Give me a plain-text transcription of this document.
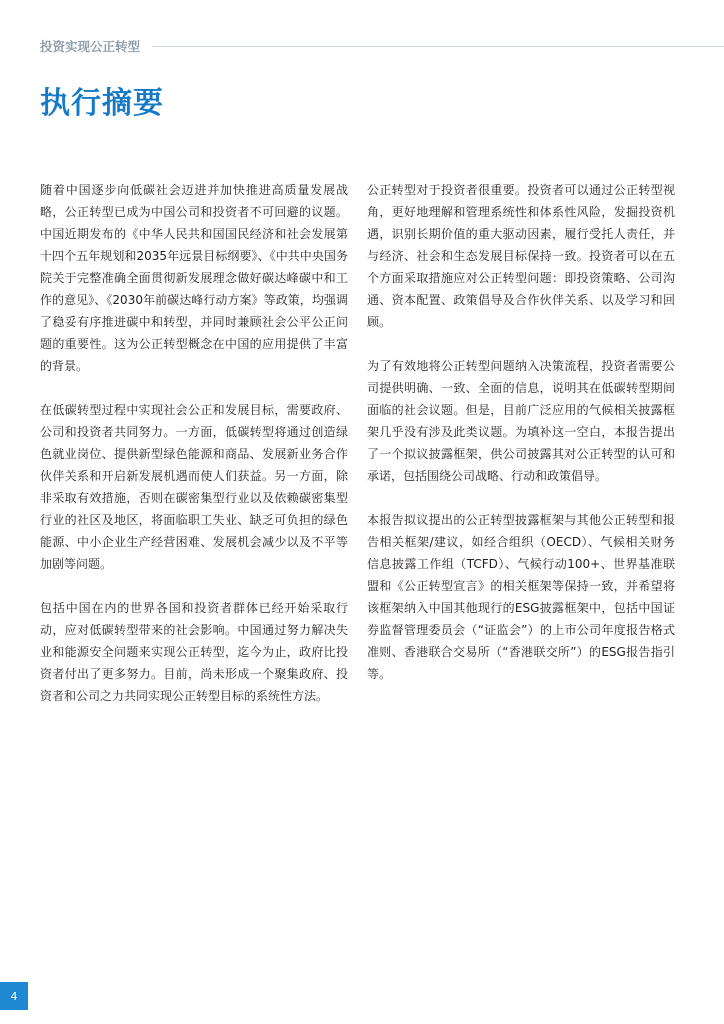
投资实现公正转型
执行摘要

随着中国逐步向低碳社会迈进并加快推进高质量发展战略，公正转型已成为中国公司和投资者不可回避的议题。中国近期发布的《中华人民共和国国民经济和社会发展第十四个五年规划和2035年远景目标纲要》、《中共中央国务院关于完整准确全面贯彻新发展理念做好碳达峰碳中和工作的意见》、《2030年前碳达峰行动方案》等政策，均强调了稳妥有序推进碳中和转型，并同时兼顾社会公平公正问题的重要性。这为公正转型概念在中国的应用提供了丰富的背景。

在低碳转型过程中实现社会公正和发展目标，需要政府、公司和投资者共同努力。一方面，低碳转型将通过创造绿色就业岗位、提供新型绿色能源和商品、发展新业务合作伙伴关系和开启新发展机遇而使人们获益。另一方面，除非采取有效措施，否则在碳密集型行业以及依赖碳密集型行业的社区及地区，将面临职工失业、缺乏可负担的绿色能源、中小企业生产经营困难、发展机会减少以及不平等加剧等问题。

包括中国在内的世界各国和投资者群体已经开始采取行动，应对低碳转型带来的社会影响。中国通过努力解决失业和能源安全问题来实现公正转型，迄今为止，政府比投资者付出了更多努力。目前，尚未形成一个聚集政府、投资者和公司之力共同实现公正转型目标的系统性方法。

公正转型对于投资者很重要。投资者可以通过公正转型视角，更好地理解和管理系统性和体系性风险，发掘投资机遇，识别长期价值的重大驱动因素，履行受托人责任，并与经济、社会和生态发展目标保持一致。投资者可以在五个方面采取措施应对公正转型问题：即投资策略、公司沟通、资本配置、政策倡导及合作伙伴关系、以及学习和回顾。

为了有效地将公正转型问题纳入决策流程，投资者需要公司提供明确、一致、全面的信息，说明其在低碳转型期间面临的社会议题。但是，目前广泛应用的气候相关披露框架几乎没有涉及此类议题。为填补这一空白，本报告提出了一个拟议披露框架，供公司披露其对公正转型的认可和承诺，包括围绕公司战略、行动和政策倡导。

本报告拟议提出的公正转型披露框架与其他公正转型和报告相关框架/建议，如经合组织（OECD）、气候相关财务信息披露工作组（TCFD）、气候行动100+、世界基准联盟和《公正转型宣言》的相关框架等保持一致，并希望将该框架纳入中国其他现行的ESG披露框架中，包括中国证券监督管理委员会（“证监会”）的上市公司年度报告格式准则、香港联合交易所（“香港联交所”）的ESG报告指引等。

4
